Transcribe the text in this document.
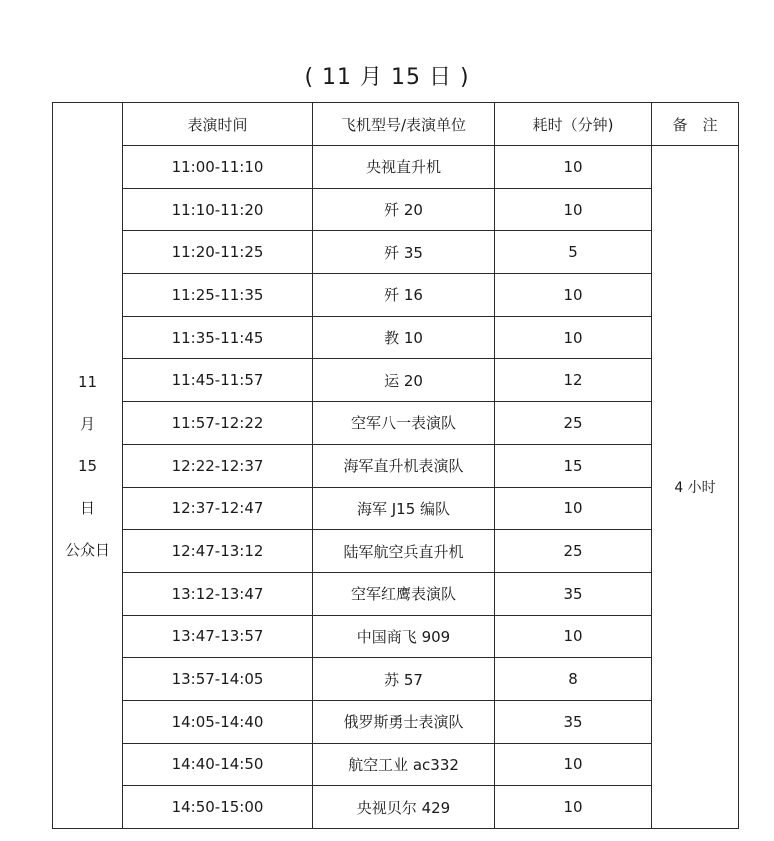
( 11 月 15 日 )
11
月
15
日
公众日	表演时间	飞机型号/表演单位	耗时（分钟)	备　注
	11:00-11:10	央视直升机	10	4 小时
	11:10-11:20	歼 20	10	
	11:20-11:25	歼 35	5	
	11:25-11:35	歼 16	10	
	11:35-11:45	教 10	10	
	11:45-11:57	运 20	12	
	11:57-12:22	空军八一表演队	25	
	12:22-12:37	海军直升机表演队	15	
	12:37-12:47	海军 J15 编队	10	
	12:47-13:12	陆军航空兵直升机	25	
	13:12-13:47	空军红鹰表演队	35	
	13:47-13:57	中国商飞 909	10	
	13:57-14:05	苏 57	8	
	14:05-14:40	俄罗斯勇士表演队	35	
	14:40-14:50	航空工业 ac332	10	
	14:50-15:00	央视贝尔 429	10	
